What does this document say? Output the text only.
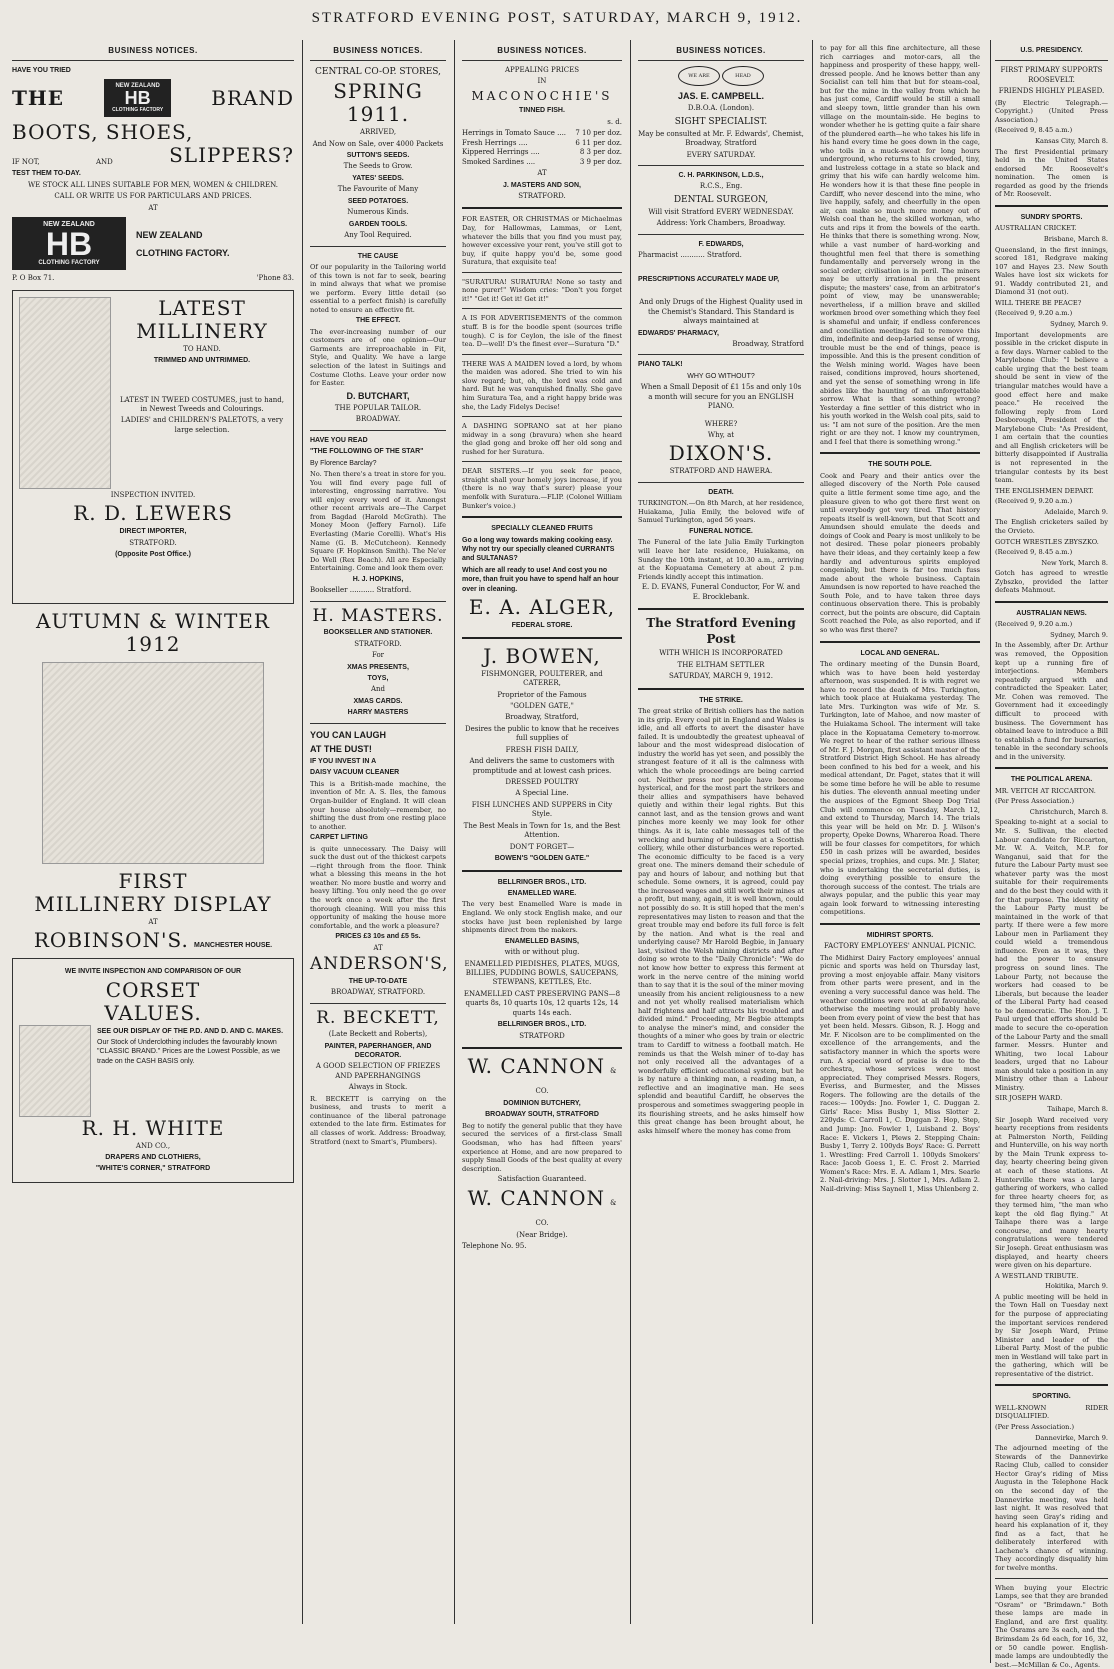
STRATFORD EVENING POST, SATURDAY, MARCH 9, 1912.
BUSINESS NOTICES.

HAVE YOU TRIED

THE	NEW ZEALAND
HB
CLOTHING FACTORY
BRAND
BOOTS, SHOES,
IF NOT,	AND	SLIPPERS?

TEST THEM TO-DAY.

WE STOCK ALL LINES SUITABLE FOR MEN, WOMEN & CHILDREN.

CALL OR WRITE US FOR PARTICULARS AND PRICES.

AT

NEW ZEALAND
HB
CLOTHING FACTORY
NEW ZEALAND
CLOTHING FACTORY.
P. O Box 71.	'Phone 83.
LATEST
MILLINERY

TO HAND.

TRIMMED AND UNTRIMMED.

LATEST IN TWEED COSTUMES, just to hand, in Newest Tweeds and Colourings.

LADIES' and CHILDREN'S PALETOTS, a very large selection.

INSPECTION INVITED.

R. D. LEWERS

DIRECT IMPORTER,

STRATFORD.

(Opposite Post Office.)

AUTUMN & WINTER
1912
FIRST
MILLINERY DISPLAY

AT

ROBINSON'S. MANCHESTER HOUSE.

WE INVITE INSPECTION AND COMPARISON OF OUR

CORSET
VALUES.

SEE OUR DISPLAY OF THE P.D. AND D. AND C. MAKES.

Our Stock of Underclothing includes the favourably known "CLASSIC BRAND." Prices are the Lowest Possible, as we trade on the CASH BASIS only.

R. H. WHITE

AND CO.,

DRAPERS AND CLOTHIERS,

"WHITE'S CORNER," STRATFORD

BUSINESS NOTICES.

CENTRAL CO-OP. STORES,

SPRING 1911.

ARRIVED,

And Now on Sale, over 4000 Packets

SUTTON'S SEEDS.

The Seeds to Grow.

YATES' SEEDS.

The Favourite of Many

SEED POTATOES.

Numerous Kinds.

GARDEN TOOLS.

Any Tool Required.

THE CAUSE

Of our popularity in the Tailoring world of this town is not far to seek, bearing in mind always that what we promise we perform. Every little detail (so essential to a perfect finish) is carefully noted to ensure an effective fit.

THE EFFECT.

The ever-increasing number of our customers are of one opinion—Our Garments are irreproachable in Fit, Style, and Quality. We have a large selection of the latest in Suitings and Costume Cloths. Leave your order now for Easter.

D. BUTCHART,

THE POPULAR TAILOR.

BROADWAY.

HAVE YOU READ

"THE FOLLOWING OF THE STAR"

By Florence Barclay?

No. Then there's a treat in store for you. You will find every page full of interesting, engrossing narrative. You will enjoy every word of it. Amongst other recent arrivals are—The Carpet from Bagdad (Harold McGrath). The Money Moon (Jeffery Farnol). Life Everlasting (Marie Corelli). What's His Name (G. B. McCutcheon). Kennedy Square (F. Hopkinson Smith). The Ne'er Do Well (Rex Beach). All are Especially Entertaining. Come and look them over.

H. J. HOPKINS,

Bookseller ........... Stratford.

H. MASTERS.

BOOKSELLER AND STATIONER.

STRATFORD.

For

XMAS PRESENTS,

TOYS,

And

XMAS CARDS.

HARRY MASTERS

YOU CAN LAUGH

AT THE DUST!

IF YOU INVEST IN A

DAISY VACUUM CLEANER

This is a British-made machine, the invention of Mr. A. S. Iles, the famous Organ-builder of England. It will clean your house absolutely—remember, no shifting the dust from one resting place to another.

CARPET LIFTING

is quite unnecessary. The Daisy will suck the dust out of the thickest carpets—right through from the floor. Think what a blessing this means in the hot weather. No more bustle and worry and heavy lifting. You only need the go over the work once a week after the first thorough cleaning. Will you miss this opportunity of making the house more comfortable, and the work a pleasure?

PRICES £3 10s and £5 5s.

AT

ANDERSON'S,

THE UP-TO-DATE

BROADWAY, STRATFORD.

R. BECKETT,

(Late Beckett and Roberts),

PAINTER, PAPERHANGER, AND DECORATOR.

A GOOD SELECTION OF FRIEZES AND PAPERHANGINGS

Always in Stock.

R. BECKETT is carrying on the business, and trusts to merit a continuance of the liberal patronage extended to the late firm. Estimates for all classes of work. Address: Broadway, Stratford (next to Smart's, Plumbers).

BUSINESS NOTICES.

APPEALING PRICES

IN

MACONOCHIE'S

TINNED FISH.

s. d.

Herrings in Tomato Sauce .... 7 10 per doz.
Fresh Herrings ....	6 11 per doz.
Kippered Herrings ....	8 3 per doz.
Smoked Sardines ....	3 9 per doz.

AT

J. MASTERS AND SON,

STRATFORD.

FOR EASTER, OR CHRISTMAS or Michaelmas Day, for Hallowmas, Lammas, or Lent, whatever the bills that you find you must pay, however excessive your rent, you've still got to buy, if quite happy you'd be, some good Suratura, that exquisite tea!

"SURATURA! SURATURA! None so tasty and none purer!" Wisdom cries: "Don't you forget it!" "Get it! Get it! Get it!"

A IS FOR ADVERTISEMENTS of the common stuff. B is for the boodle spent (sources trifle tough). C is for Ceylon, the isle of the finest tea. D—well! D's the finest ever—Suratura "D."

THERE WAS A MAIDEN loved a lord, by whom the maiden was adored. She tried to win his slow regard; but, oh, the lord was cold and hard. But he was vanquished finally. She gave him Suratura Tea, and a right happy bride was she, the Lady Fidelys Decise!

A DASHING SOPRANO sat at her piano midway in a song (bravura) when she heard the glad gong and broke off her old song and rushed for her Suratura.

DEAR SISTERS.—If you seek for peace, straight shall your homely joys increase, if you (there is no way that's surer) please your menfolk with Suratura.—FLIP. (Colonel William Bunker's voice.)

SPECIALLY CLEANED FRUITS

Go a long way towards making cooking easy. Why not try our specially cleaned CURRANTS and SULTANAS?

Which are all ready to use! And cost you no more, than fruit you have to spend half an hour over in cleaning.

E. A. ALGER,

FEDERAL STORE.

J. BOWEN,

FISHMONGER, POULTERER, and CATERER,

Proprietor of the Famous

"GOLDEN GATE,"

Broadway, Stratford,

Desires the public to know that he receives full supplies of

FRESH FISH DAILY,

And delivers the same to customers with promptitude and at lowest cash prices.

DRESSED POULTRY

A Special Line.

FISH LUNCHES AND SUPPERS in City Style.

The Best Meals in Town for 1s, and the Best Attention.

DON'T FORGET—

BOWEN'S "GOLDEN GATE."

BELLRINGER BROS., LTD.

ENAMELLED WARE.

The very best Enamelled Ware is made in England. We only stock English make, and our stocks have just been replenished by large shipments direct from the makers.

ENAMELLED BASINS,

with or without plug.

ENAMELLED PIEDISHES, PLATES, MUGS, BILLIES, PUDDING BOWLS, SAUCEPANS, STEWPANS, KETTLES, Etc.

ENAMELLED CAST PRESERVING PANS—8 quarts 8s, 10 quarts 10s, 12 quarts 12s, 14 quarts 14s each.

BELLRINGER BROS., LTD.

STRATFORD

W. CANNON & CO.

DOMINION BUTCHERY,

BROADWAY SOUTH, STRATFORD

Beg to notify the general public that they have secured the services of a first-class Small Goodsman, who has had fifteen years' experience at Home, and are now prepared to supply Small Goods of the best quality at every description.

Satisfaction Guaranteed.

W. CANNON & CO.

(Near Bridge).

Telephone No. 95.

BUSINESS NOTICES.
WE ARE	HEAD

JAS. E. CAMPBELL.

D.B.O.A. (London).

SIGHT SPECIALIST.

May be consulted at Mr. F. Edwards', Chemist, Broadway, Stratford

EVERY SATURDAY.

C. H. PARKINSON, L.D.S.,

R.C.S., Eng.

DENTAL SURGEON,

Will visit Stratford EVERY WEDNESDAY.

Address: York Chambers, Broadway.

F. EDWARDS,

Pharmacist ........... Stratford.

PRESCRIPTIONS ACCURATELY MADE UP,

And only Drugs of the Highest Quality used in the Chemist's Standard. This Standard is always maintained at

EDWARDS' PHARMACY,

Broadway, Stratford

PIANO TALK!

WHY GO WITHOUT?

When a Small Deposit of £1 15s and only 10s a month will secure for you an ENGLISH PIANO.

WHERE?

Why, at

DIXON'S.

STRATFORD AND HAWERA.

DEATH.

TURKINGTON.—On 8th March, at her residence, Huiakama, Julia Emily, the beloved wife of Samuel Turkington, aged 56 years.

FUNERAL NOTICE.

The Funeral of the late Julia Emily Turkington will leave her late residence, Huiakama, on Sunday the 10th instant, at 10.30 a.m., arriving at the Kopuatama Cemetery at about 2 p.m. Friends kindly accept this intimation.

E. D. EVANS, Funeral Conductor, For W. and E. Brocklebank.

The Stratford Evening Post

WITH WHICH IS INCORPORATED

THE ELTHAM SETTLER

SATURDAY, MARCH 9, 1912.

THE STRIKE.

The great strike of British colliers has the nation in its grip. Every coal pit in England and Wales is idle, and all efforts to avert the disaster have failed. It is undoubtedly the greatest upheaval of labour and the most widespread dislocation of industry the world has yet seen, and possibly the strangest feature of it all is the calmness with which the whole proceedings are being carried out. Neither press nor people have become hysterical, and for the most part the strikers and their allies and sympathisers have behaved quietly and within their legal rights. But this cannot last, and as the tension grows and want pinches more keenly we may look for other things. As it is, late cable messages tell of the wrecking and burning of buildings at a Scottish colliery, while other disturbances were reported. The economic difficulty to be faced is a very great one. The miners demand their schedule of pay and hours of labour, and nothing but that schedule. Some owners, it is agreed, could pay the increased wages and still work their mines at a profit, but many, again, it is well known, could not possibly do so. It is still hoped that the men's representatives may listen to reason and that the great trouble may end before its full force is felt by the nation. And what is the real and underlying cause? Mr Harold Begbie, in January last, visited the Welsh mining districts and after doing so wrote to the "Daily Chronicle": "We do not know how better to express this ferment at work in the nerve centre of the mining world than to say that it is the soul of the miner moving uneasily from his ancient religiousness to a new and not yet wholly realised materialism which half frightens and half attracts his troubled and divided mind." Proceeding, Mr Begbie attempts to analyse the miner's mind, and consider the thoughts of a miner who goes by train or electric tram to Cardiff to witness a football match. He reminds us that the Welsh miner of to-day has not only received all the advantages of a wonderfully efficient educational system, but he is by nature a thinking man, a reading man, a reflective and an imaginative man. He sees splendid and beautiful Cardiff, he observes the prosperous and sometimes swaggering people in its flourishing streets, and he asks himself how this great change has been brought about, he asks himself where the money has come from

to pay for all this fine architecture, all these rich carriages and motor-cars, all the happiness and prosperity of these happy, well-dressed people. And he knows better than any Socialist can tell him that but for steam-coal, but for the mine in the valley from which he has just come, Cardiff would be still a small and sleepy town, little grander than his own village on the mountain-side. He begins to wonder whether he is getting quite a fair share of the plundered earth—he who takes his life in his hand every time he goes down in the cage, who toils in a muck-sweat for long hours underground, who returns to his crowded, tiny, and lustreless cottage in a state so black and grimy that his wife can hardly welcome him. He wonders how it is that these fine people in Cardiff, who never descend into the mine, who live happily, safely, and cheerfully in the open air, can make so much more money out of Welsh coal than he, the skilled workman, who cuts and rips it from the bowels of the earth. He thinks that there is something wrong. Now, while a vast number of hard-working and thoughtful men feel that there is something fundamentally and perversely wrong in the social order, civilisation is in peril. The miners may be utterly irrational in the present dispute; the masters' case, from an arbitrator's point of view, may be unanswerable; nevertheless, if a million brave and skilled workmen brood over something which they feel is shameful and unfair, if endless conferences and conciliation meetings fail to remove this dim, indefinite and deep-laried sense of wrong, trouble must be the end of things, peace is impossible. And this is the present condition of the Welsh mining world. Wages have been raised, conditions improved, hours shortened, and yet the sense of something wrong in life abides like the haunting of an unforgettable sorrow. What is that something wrong? Yesterday a fine settler of this district who in his youth worked in the Welsh coal pits, said to us: "I am not sure of the position. Are the men right or are they not. I know my countrymen, and I feel that there is something wrong."

THE SOUTH POLE.

Cook and Peary and their antics over the alleged discovery of the North Pole caused quite a little ferment some time ago, and the pleasure given to who got there first went on until everybody got very tired. That history repeats itself is well-known, but that Scott and Amundsen should emulate the deeds and doings of Cook and Peary is most unlikely to be not desired. These polar pioneers probably have their ideas, and they certainly keep a few hardly and adventurous spirits employed congenially, but there is far too much fuss made about the whole business. Captain Amundsen is now reported to have reached the South Pole, and to have taken three days continuous observation there. This is probably correct, but the points are obscure, did Captain Scott reached the Pole, as also reported, and if so who was first there?

LOCAL AND GENERAL.

The ordinary meeting of the Dunsin Board, which was to have been held yesterday afternoon, was suspended. It is with regret we have to record the death of Mrs. Turkington, which took place at Huiakama yesterday. The late Mrs. Turkington was wife of Mr. S. Turkington, late of Mahoe, and now master of the Huiakama School. The interment will take place in the Kopuatama Cemetery to-morrow. We regret to hear of the rather serious illness of Mr. F. J. Morgan, first assistant master of the Stratford District High School. He has already been confined to his bed for a week, and his medical attendant, Dr. Paget, states that it will be some time before he will be able to resume his duties. The eleventh annual meeting under the auspices of the Egmont Sheep Dog Trial Club will commence on Tuesday, March 12, and extend to Thursday, March 14. The trials this year will be held on Mr. D. J. Wilson's property, Opeke Downs, Whareroa Road. There will be four classes for competitors, for which £50 in cash prizes will be awarded, besides special prizes, trophies, and cups. Mr. J. Slater, who is undertaking the secretarial duties, is doing everything possible to ensure the thorough success of the contest. The trials are always popular, and the public this year may again look forward to witnessing interesting competitions.

MIDHIRST SPORTS.

FACTORY EMPLOYEES' ANNUAL PICNIC.

The Midhirst Dairy Factory employees' annual picnic and sports was held on Thursday last, proving a most enjoyable affair. Many visitors from other parts were present, and in the evening a very successful dance was held. The weather conditions were not at all favourable, otherwise the meeting would probably have been from every point of view the best that has yet been held. Messrs. Gibson, R. J. Hogg and Mr. F. Nicolson are to be complimented on the excellence of the arrangements, and the satisfactory manner in which the sports were run. A special word of praise is due to the orchestra, whose services were most appreciated. They comprised Messrs. Rogers, Everiss, and Burmester, and the Misses Rogers. The following are the details of the races:— 100yds: Jno. Fowler 1, C. Duggan 2. Girls' Race: Miss Busby 1, Miss Slotter 2. 220yds: C. Carroll 1, C. Duggan 2. Hop, Step, and Jump: Jno. Fowler 1, Luisband 2. Boys' Race: E. Vickers 1, Plews 2. Stepping Chain: Busby 1, Terry 2. 100yds Boys' Race: G. Perrett 1. Wrestling: Fred Carroll 1. 100yds Smokers' Race: Jacob Goess 1, E. C. Frost 2. Married Women's Race: Mrs. E. A. Adlam 1, Mrs. Searle 2. Nail-driving: Mrs. J. Slotter 1, Mrs. Adlam 2. Nail-driving: Miss Saynell 1, Miss Uhlenberg 2.

U.S. PRESIDENCY.

FIRST PRIMARY SUPPORTS ROOSEVELT.

FRIENDS HIGHLY PLEASED.

(By Electric Telegraph.—Copyright.) (United Press Association.)

(Received 9, 8.45 a.m.)

Kansas City, March 8.

The first Presidential primary held in the United States endorsed Mr. Roosevelt's nomination. The omen is regarded as good by the friends of Mr. Roosevelt.

SUNDRY SPORTS.

AUSTRALIAN CRICKET.

Brisbane, March 8.

Queensland, in the first innings, scored 181, Redgrave making 107 and Hayes 23. New South Wales have lost six wickets for 91. Waddy contributed 21, and Diamond 31 (not out).

WILL THERE BE PEACE?

(Received 9, 9.20 a.m.)

Sydney, March 9.

Important developments are possible in the cricket dispute in a few days. Warner cabled to the Marylebone Club: "I believe a cable urging that the best team should be sent in view of the triangular matches would have a good effect here and make peace." He received the following reply from Lord Desborough, President of the Marylebone Club: "As President, I am certain that the counties and all English cricketers will be bitterly disappointed if Australia is not represented in the triangular contests by its best team.

THE ENGLISHMEN DEPART.

(Received 9, 9.20 a.m.)

Adelaide, March 9.

The English cricketers sailed by the Orvieto.

GOTCH WRESTLES ZBYSZKO.

(Received 9, 8.45 a.m.)

New York, March 8.

Gotch has agreed to wrestle Zybszko, provided the latter defeats Mahmout.

AUSTRALIAN NEWS.

(Received 9, 9.20 a.m.)

Sydney, March 9.

In the Assembly, after Dr. Arthur was removed, the Opposition kept up a running fire of interjections. Members repeatedly argued with and contradicted the Speaker. Later, Mr. Cohen was removed. The Government had it exceedingly difficult to proceed with business. The Government has obtained leave to introduce a Bill to establish a fund for bursaries, tenable in the secondary schools and in the university.

THE POLITICAL ARENA.

MR. VEITCH AT RICCARTON.

(Per Press Association.)

Christchurch, March 8.

Speaking to-night at a social to Mr. S. Sullivan, the elected Labour candidate for Riccarton, Mr. W. A. Veitch, M.P. for Wanganui, said that for the future the Labour Party must see whatever party was the most suitable for their requirements and do the best they could with it for that purpose. The identity of the Labour Party must be maintained in the work of that party. If there were a few more Labour men in Parliament they could wield a tremendous influence. Even as it was, they had the power to ensure progress on sound lines. The Labour Party, not because the workers had ceased to be Liberals, but because the leader of the Liberal Party had ceased to be democratic. The Hon. J. T. Paul urged that efforts should be made to secure the co-operation of the Labour Party and the small farmer. Messrs. Hunter and Whiting, two local Labour leaders, urged that no Labour man should take a position in any Ministry other than a Labour Ministry.

SIR JOSEPH WARD.

Taihape, March 8.

Sir Joseph Ward received very hearty receptions from residents at Palmerston North, Feilding and Hunterville, on his way north by the Main Trunk express to-day, hearty cheering being given at each of these stations. At Hunterville there was a large gathering of workers, who called for three hearty cheers for, as they termed him, "the man who kept the old flag flying." At Taihape there was a large concourse, and many hearty congratulations were tendered Sir Joseph. Great enthusiasm was displayed, and hearty cheers were given on his departure.

A WESTLAND TRIBUTE.

Hokitika, March 9.

A public meeting will be held in the Town Hall on Tuesday next for the purpose of appreciating the important services rendered by Sir Joseph Ward, Prime Minister and leader of the Liberal Party. Most of the public men in Westland will take part in the gathering, which will be representative of the district.

SPORTING.

WELL-KNOWN RIDER DISQUALIFIED.

(Per Press Association.)

Dannevirke, March 9.

The adjourned meeting of the Stewards of the Dannevirke Racing Club, called to consider Hector Gray's riding of Miss Augusta in the Telephone Hack on the second day of the Dannevirke meeting, was held last night. It was resolved that having seen Gray's riding and heard his explanation of it, they find as a fact, that he deliberately interfered with Lachene's chance of winning. They accordingly disqualify him for twelve months.

When buying your Electric Lamps, see that they are branded "Osram" or "Brimdawn." Both these lamps are made in England, and are first quality. The Osrams are 3s each, and the Brimsdam 2s 6d each, for 16, 32, or 50 candle power. English-made lamps are undoubtedly the best.—McMillan & Co., Agents.
